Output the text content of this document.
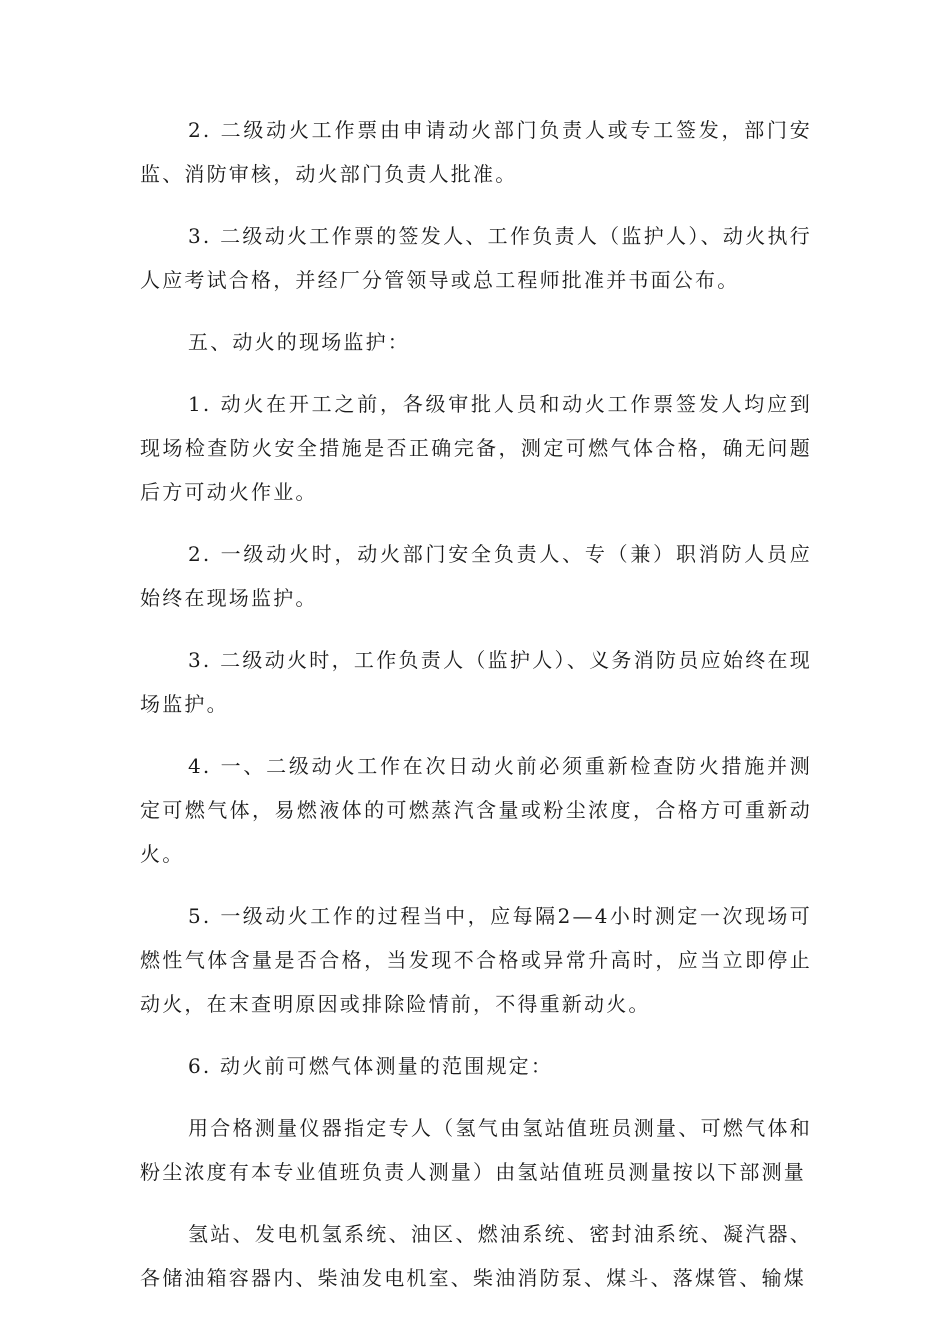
2. 二级动火工作票由申请动火部门负责人或专工签发，部门安监、消防审核，动火部门负责人批准。

3. 二级动火工作票的签发人、工作负责人（监护人）、动火执行人应考试合格，并经厂分管领导或总工程师批准并书面公布。

五、动火的现场监护：

1. 动火在开工之前，各级审批人员和动火工作票签发人均应到现场检查防火安全措施是否正确完备，测定可燃气体合格，确无问题后方可动火作业。

2. 一级动火时，动火部门安全负责人、专（兼）职消防人员应始终在现场监护。

3. 二级动火时，工作负责人（监护人）、义务消防员应始终在现场监护。

4. 一、二级动火工作在次日动火前必须重新检查防火措施并测定可燃气体，易燃液体的可燃蒸汽含量或粉尘浓度，合格方可重新动火。

5. 一级动火工作的过程当中，应每隔2—4小时测定一次现场可燃性气体含量是否合格，当发现不合格或异常升高时，应当立即停止动火，在末查明原因或排除险情前，不得重新动火。

6. 动火前可燃气体测量的范围规定：

用合格测量仪器指定专人（氢气由氢站值班员测量、可燃气体和粉尘浓度有本专业值班负责人测量）由氢站值班员测量按以下部测量

氢站、发电机氢系统、油区、燃油系统、密封油系统、凝汽器、各储油箱容器内、柴油发电机室、柴油消防泵、煤斗、落煤管、输煤
